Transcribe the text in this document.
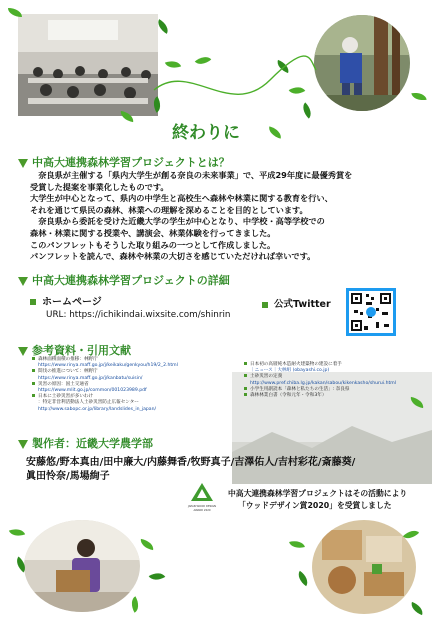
終わりに
中高大連携森林学習プロジェクトとは？
　奈良県が主催する「県内大学生が創る奈良の未来事業」で、平成29年度に最優秀賞を
受賞した提案を事業化したものです。
大学生が中心となって、県内の中学生と高校生へ森林や林業に関する教育を行い、
それを通じて県民の森林、林業への理解を深めることを目的としています。
　奈良県から委託を受けた近畿大学の学生が中心となり、中学校・高等学校での
森林・林業に関する授業や、講演会、林業体験を行ってきました。
このパンフレットもそうした取り組みの一つとして作成しました。
パンフレットを読んで、森林や林業の大切さを感じていただければ幸いです。
中高大連携森林学習プロジェクトの詳細
ホームページ
URL: https://ichikindai.wixsite.com/shinrin
公式Twitter
参考資料・引用文献
森林面積面積の推移：林野庁
https://www.rinya.maff.go.jp/j/keikaku/genkyou/h19/2_2.html
間伐の推進について：林野庁
https://www.rinya.maff.go.jp/j/kanbatu/suisin/
災害の原因：国土交通省
https://www.mlit.go.jp/common/001023989.pdf
日本に土砂災害が多いわけ
：特定非営利活動法人土砂災害防止広報センター
http://www.sabopc.or.jp/library/landslides_in_japan/
日本初の高層純木造耐火建築物の建設に着手
｜ニュース｜大林組 (obayashi.co.jp)
土砂災害の定義
http://www.pref.chiba.lg.jp/kakan/sabou/kikenkasho/shurui.html
小学生用副読本「森林と私たちの生活」: 奈良県
森林林業白書（令和元年・令和3年）
製作者：近畿大学農学部
安藤悠/野本真由/田中廉大/内藤舞香/牧野真子/吉澤佑人/吉村彩花/斎藤葵/
眞田怜奈/馬場絢子
JAPAN WOOD DESIGN
AWARD 2020
中高大連携森林学習プロジェクトはその活動により
「ウッドデザイン賞2020」を受賞しました
